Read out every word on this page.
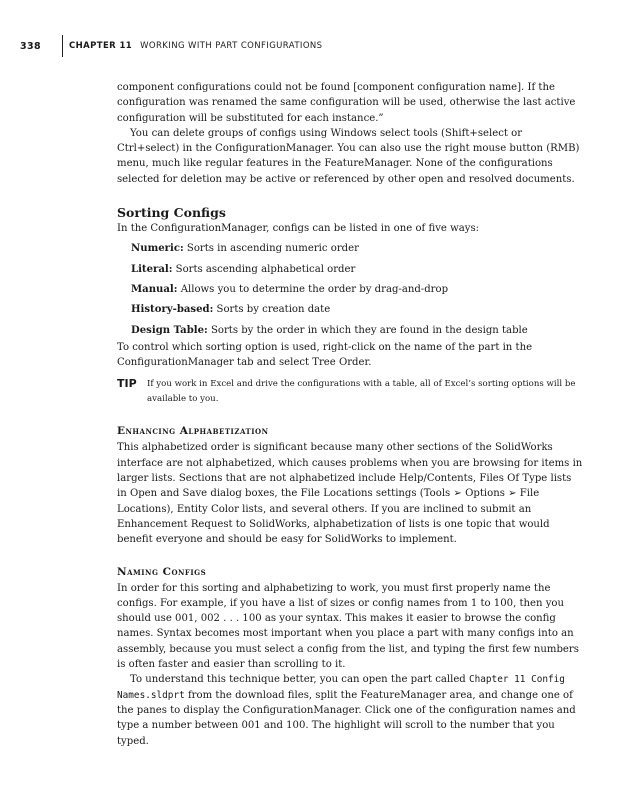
338	CHAPTER 11 WORKING WITH PART CONFIGURATIONS

component configurations could not be found [component configuration name]. If the configuration was renamed the same configuration will be used, otherwise the last active configuration will be substituted for each instance.”

You can delete groups of configs using Windows select tools (Shift+select or Ctrl+select) in the ConfigurationManager. You can also use the right mouse button (RMB) menu, much like regular features in the FeatureManager. None of the configurations selected for deletion may be active or referenced by other open and resolved documents.

Sorting Configs

In the ConfigurationManager, configs can be listed in one of five ways:

Numeric: Sorts in ascending numeric order

Literal: Sorts ascending alphabetical order

Manual: Allows you to determine the order by drag-and-drop

History-based: Sorts by creation date

Design Table: Sorts by the order in which they are found in the design table

To control which sorting option is used, right-click on the name of the part in the ConfigurationManager tab and select Tree Order.

TIP	If you work in Excel and drive the configurations with a table, all of Excel’s sorting options will be available to you.
Enhancing Alphabetization

This alphabetized order is significant because many other sections of the SolidWorks interface are not alphabetized, which causes problems when you are browsing for items in larger lists. Sections that are not alphabetized include Help/Contents, Files Of Type lists in Open and Save dialog boxes, the File Locations settings (Tools ➢ Options ➢ File Locations), Entity Color lists, and several others. If you are inclined to submit an Enhancement Request to SolidWorks, alphabetization of lists is one topic that would benefit everyone and should be easy for SolidWorks to implement.

Naming Configs

In order for this sorting and alphabetizing to work, you must first properly name the configs. For example, if you have a list of sizes or config names from 1 to 100, then you should use 001, 002 . . . 100 as your syntax. This makes it easier to browse the config names. Syntax becomes most important when you place a part with many configs into an assembly, because you must select a config from the list, and typing the first few numbers is often faster and easier than scrolling to it.

To understand this technique better, you can open the part called Chapter 11 Config Names.sldprt from the download files, split the FeatureManager area, and change one of the panes to display the ConfigurationManager. Click one of the configuration names and type a number between 001 and 100. The highlight will scroll to the number that you typed.
